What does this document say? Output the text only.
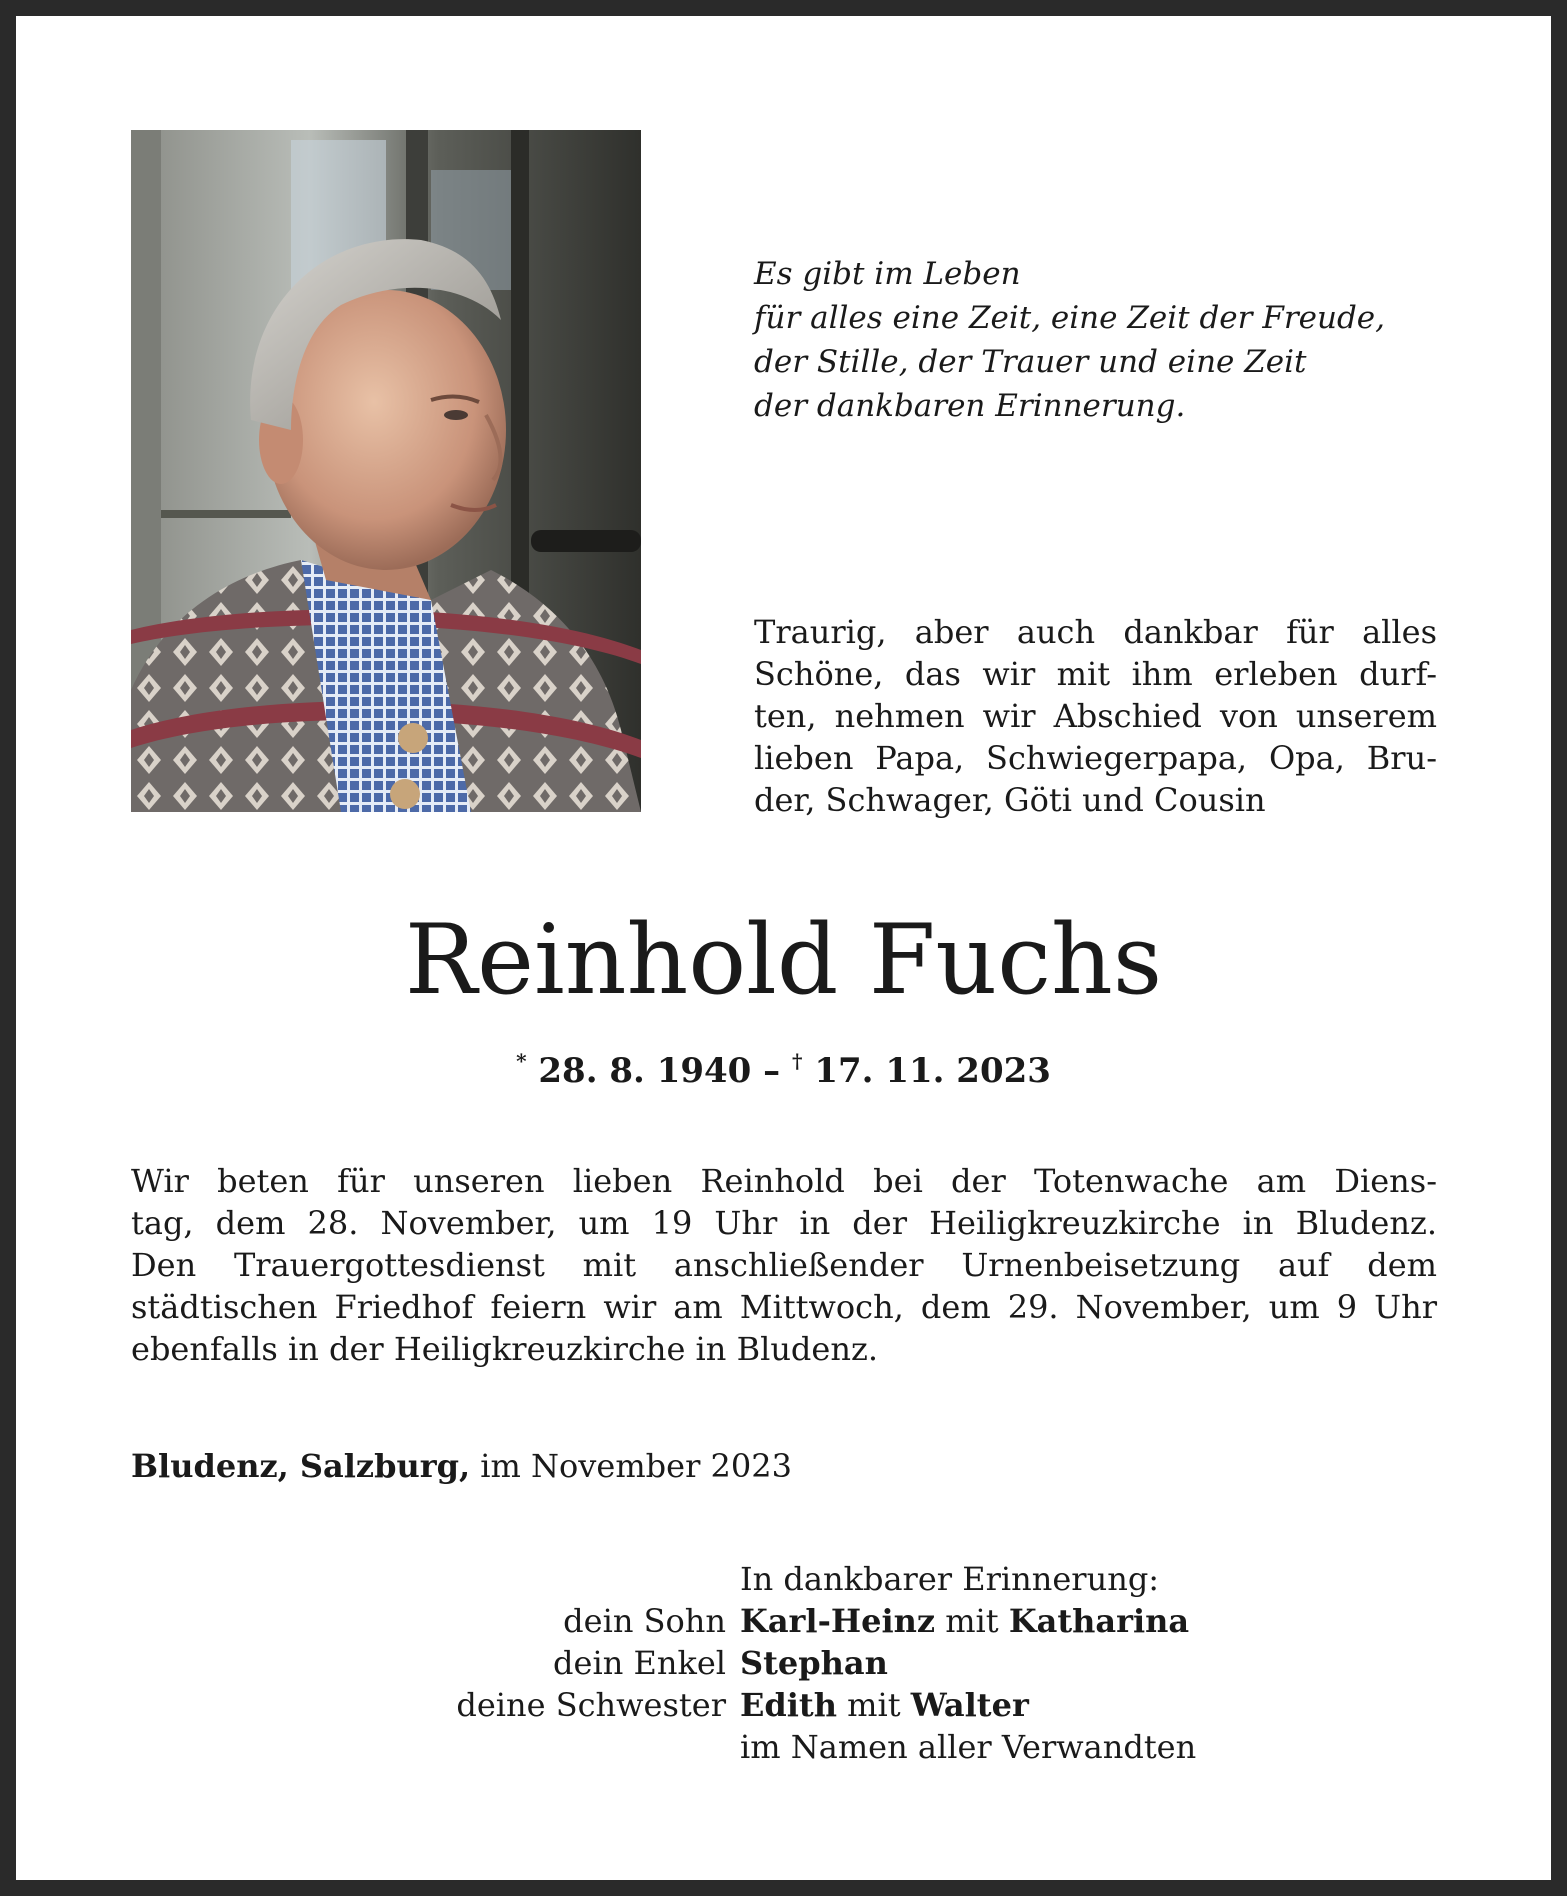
Es gibt im Leben
für alles eine Zeit, eine Zeit der Freude,
der Stille, der Trauer und eine Zeit
der dankbaren Erinnerung.
Traurig, aber auch dankbar für alles
Schöne, das wir mit ihm erleben durf-
ten, nehmen wir Abschied von unserem
lieben Papa, Schwiegerpapa, Opa, Bru-
der, Schwager, Göti und Cousin
Reinhold Fuchs
* 28. 8. 1940 – † 17. 11. 2023
Wir beten für unseren lieben Reinhold bei der Totenwache am Diens-
tag, dem 28. November, um 19 Uhr in der Heiligkreuzkirche in Bludenz.
Den Trauergottesdienst mit anschließender Urnenbeisetzung auf dem
städtischen Friedhof feiern wir am Mittwoch, dem 29. November, um 9 Uhr
ebenfalls in der Heiligkreuzkirche in Bludenz.
Bludenz, Salzburg, im November 2023
In dankbarer Erinnerung:
dein Sohn Karl-Heinz mit Katharina
dein Enkel Stephan
deine Schwester Edith mit Walter
im Namen aller Verwandten
